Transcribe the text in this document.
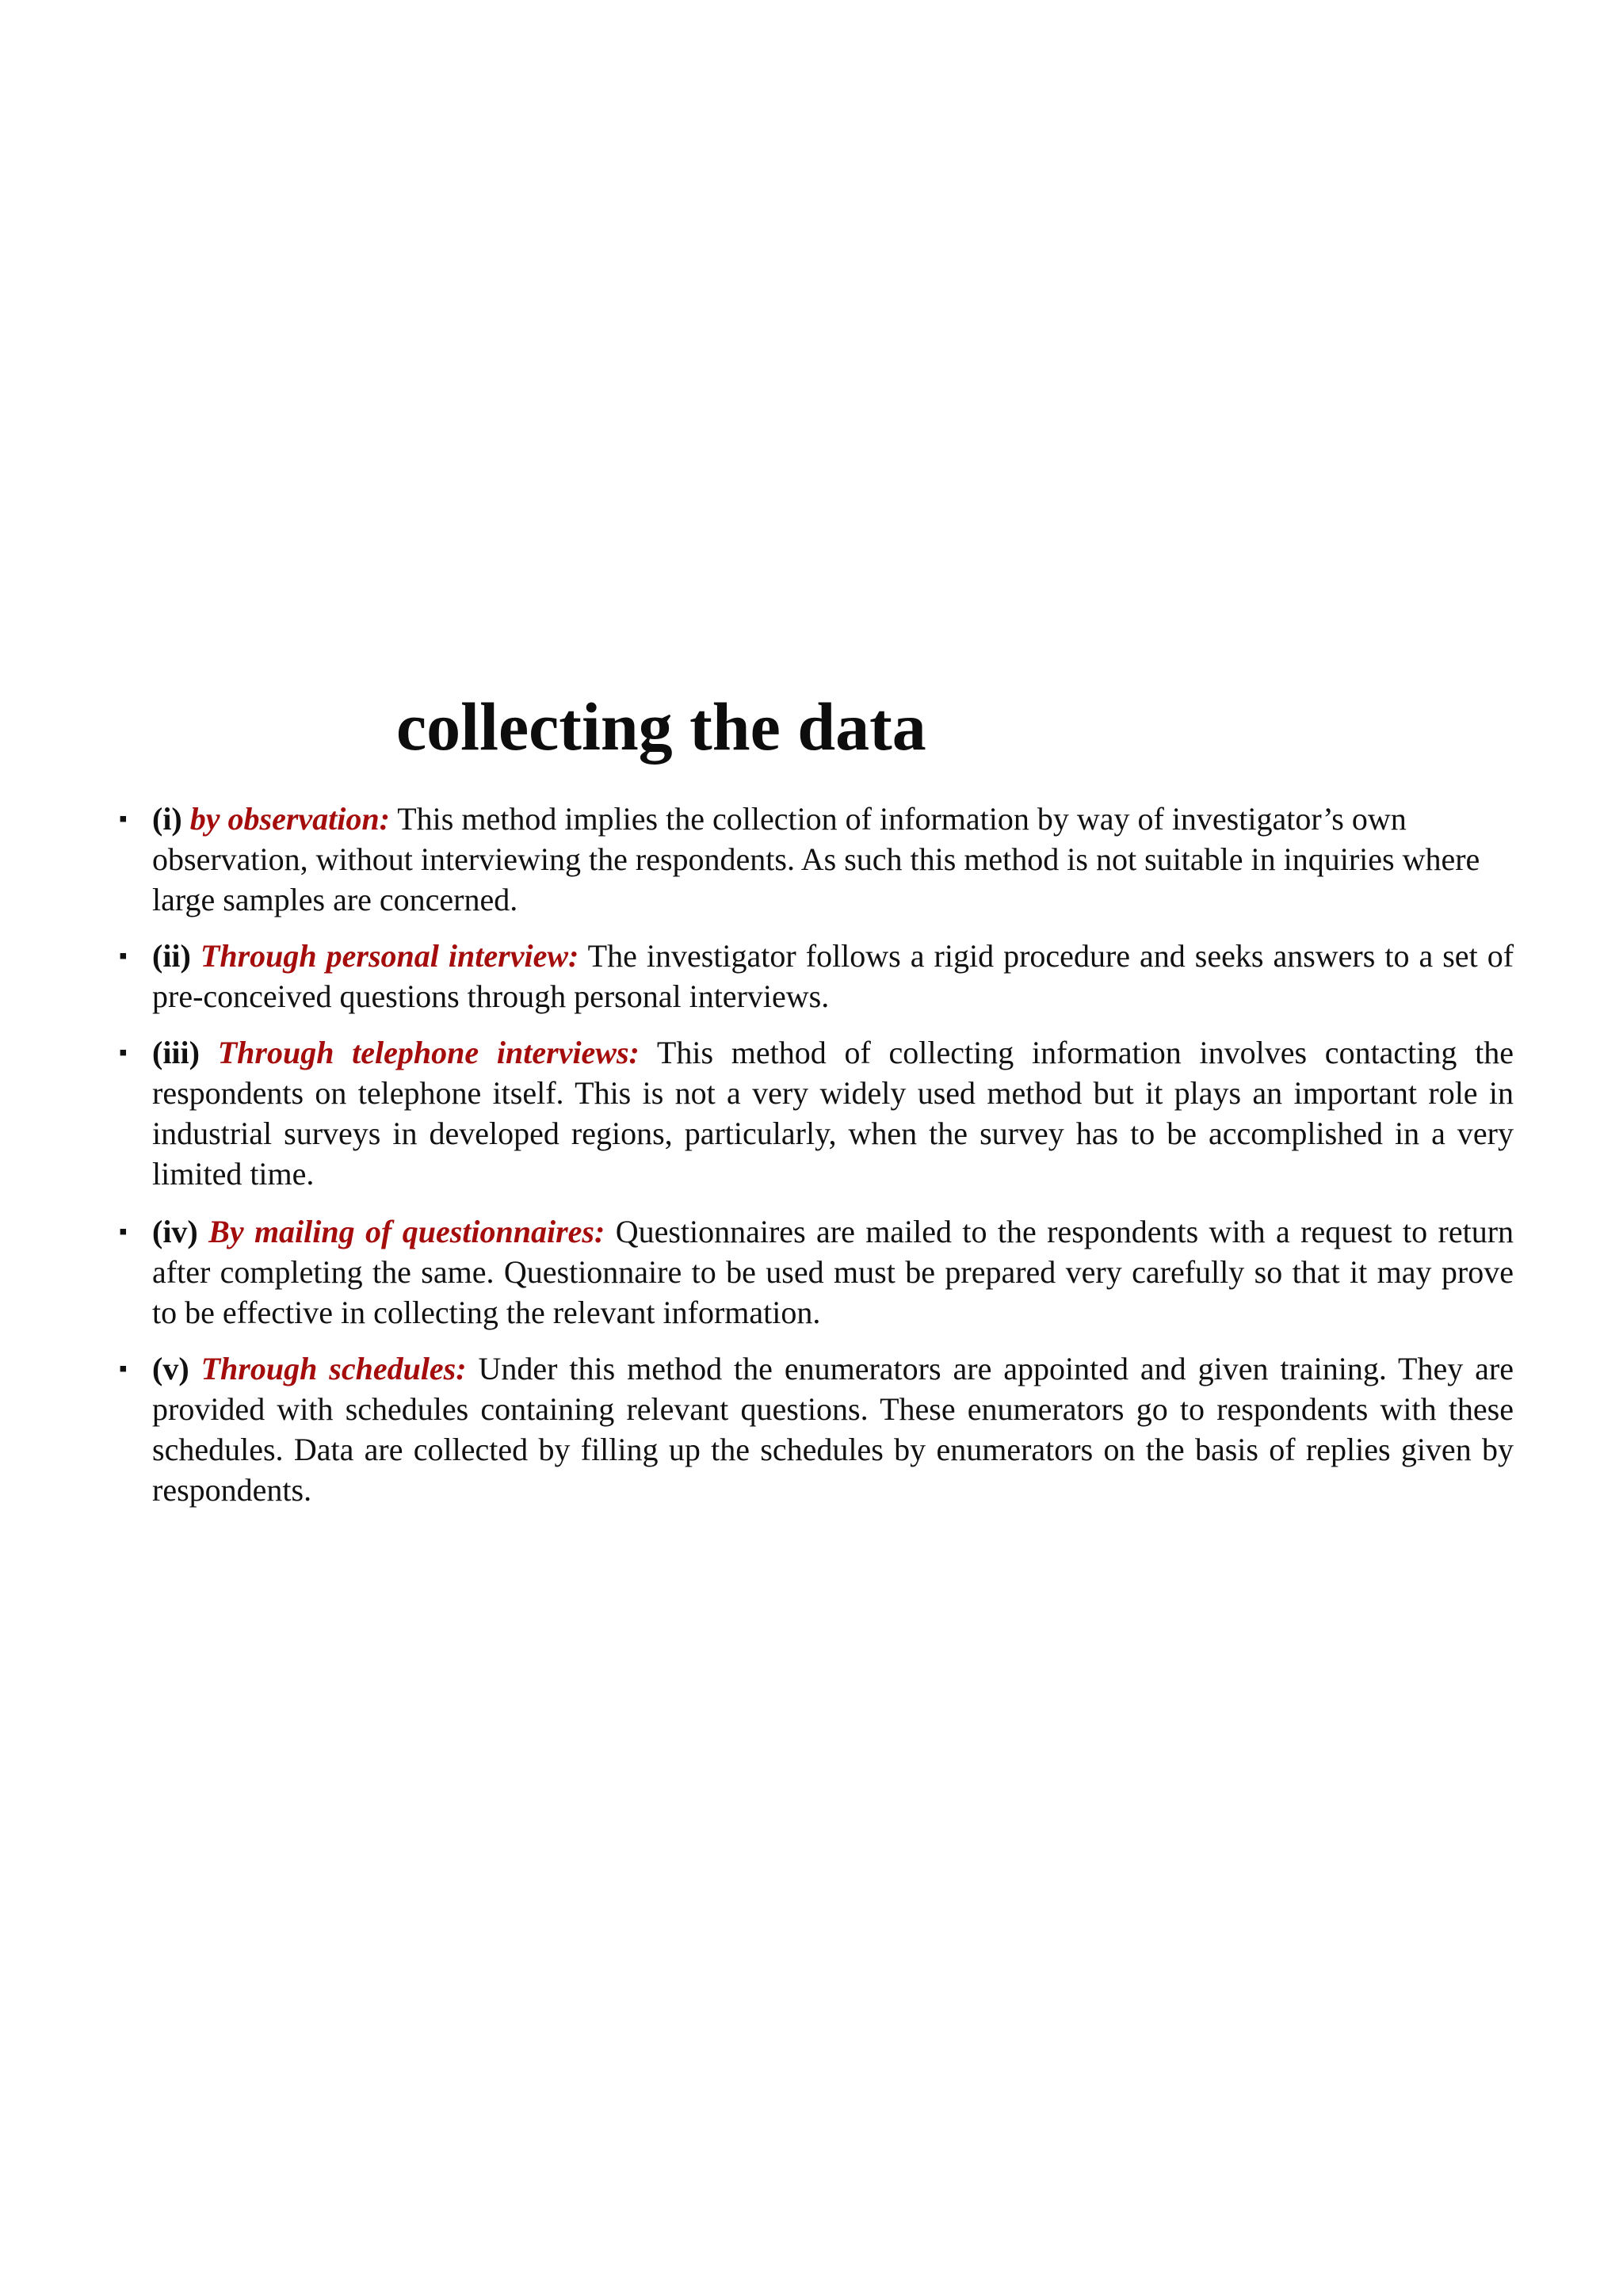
collecting the data
▪ (i) by observation: This method implies the collection of information by way of investigator’s own observation, without interviewing the respondents. As such this method is not suitable in inquiries where large samples are concerned.
▪ (ii) Through personal interview: The investigator follows a rigid procedure and seeks answers to a set of pre-conceived questions through personal interviews.
▪ (iii) Through telephone interviews: This method of collecting information involves contacting the respondents on telephone itself. This is not a very widely used method but it plays an important role in industrial surveys in developed regions, particularly, when the survey has to be accomplished in a very limited time.
▪ (iv) By mailing of questionnaires: Questionnaires are mailed to the respondents with a request to return after completing the same. Questionnaire to be used must be prepared very carefully so that it may prove to be effective in collecting the relevant information.
▪ (v) Through schedules: Under this method the enumerators are appointed and given training. They are provided with schedules containing relevant questions. These enumerators go to respondents with these schedules. Data are collected by filling up the schedules by enumerators on the basis of replies given by respondents.
